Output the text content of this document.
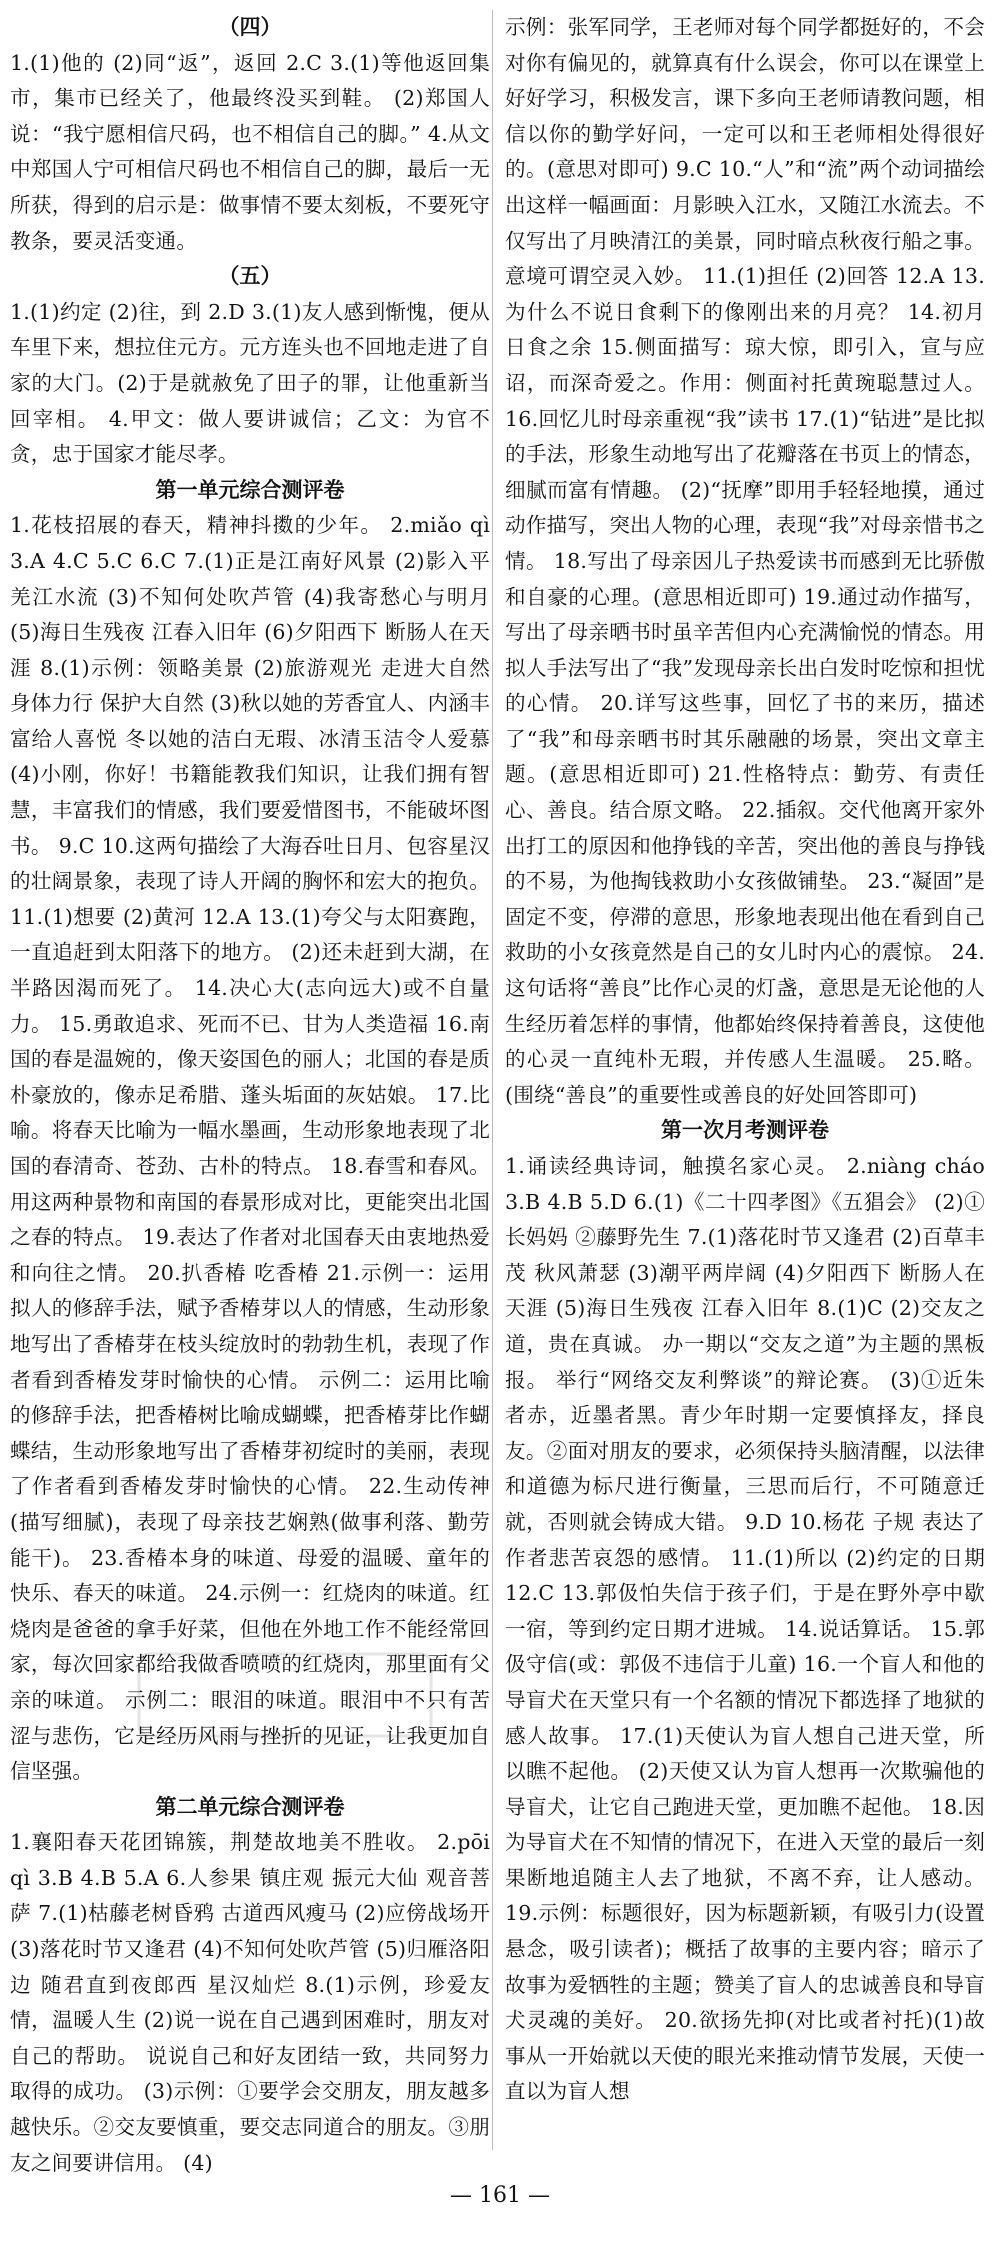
（四）

1.(1)他的 (2)同“返”，返回 2.C 3.(1)等他返回集市，集市已经关了，他最终没买到鞋。 (2)郑国人说：“我宁愿相信尺码，也不相信自己的脚。” 4.从文中郑国人宁可相信尺码也不相信自己的脚，最后一无所获，得到的启示是：做事情不要太刻板，不要死守教条，要灵活变通。

（五）

1.(1)约定 (2)往，到 2.D 3.(1)友人感到惭愧，便从车里下来，想拉住元方。元方连头也不回地走进了自家的大门。(2)于是就赦免了田子的罪，让他重新当回宰相。 4.甲文：做人要讲诚信；乙文：为官不贪，忠于国家才能尽孝。

第一单元综合测评卷

1.花枝招展的春天，精神抖擞的少年。 2.miǎo qì 3.A 4.C 5.C 6.C 7.(1)正是江南好风景 (2)影入平羌江水流 (3)不知何处吹芦管 (4)我寄愁心与明月 (5)海日生残夜 江春入旧年 (6)夕阳西下 断肠人在天涯 8.(1)示例：领略美景 (2)旅游观光 走进大自然 身体力行 保护大自然 (3)秋以她的芳香宜人、内涵丰富给人喜悦 冬以她的洁白无瑕、冰清玉洁令人爱慕 (4)小刚，你好！书籍能教我们知识，让我们拥有智慧，丰富我们的情感，我们要爱惜图书，不能破坏图书。 9.C 10.这两句描绘了大海吞吐日月、包容星汉的壮阔景象，表现了诗人开阔的胸怀和宏大的抱负。 11.(1)想要 (2)黄河 12.A 13.(1)夸父与太阳赛跑，一直追赶到太阳落下的地方。 (2)还未赶到大湖，在半路因渴而死了。 14.决心大(志向远大)或不自量力。 15.勇敢追求、死而不已、甘为人类造福 16.南国的春是温婉的，像天姿国色的丽人；北国的春是质朴豪放的，像赤足希腊、蓬头垢面的灰姑娘。 17.比喻。将春天比喻为一幅水墨画，生动形象地表现了北国的春清奇、苍劲、古朴的特点。 18.春雪和春风。用这两种景物和南国的春景形成对比，更能突出北国之春的特点。 19.表达了作者对北国春天由衷地热爱和向往之情。 20.扒香椿 吃香椿 21.示例一：运用拟人的修辞手法，赋予香椿芽以人的情感，生动形象地写出了香椿芽在枝头绽放时的勃勃生机，表现了作者看到香椿发芽时愉快的心情。 示例二：运用比喻的修辞手法，把香椿树比喻成蝴蝶，把香椿芽比作蝴蝶结，生动形象地写出了香椿芽初绽时的美丽，表现了作者看到香椿发芽时愉快的心情。 22.生动传神(描写细腻)，表现了母亲技艺娴熟(做事利落、勤劳能干)。 23.香椿本身的味道、母爱的温暖、童年的快乐、春天的味道。 24.示例一：红烧肉的味道。红烧肉是爸爸的拿手好菜，但他在外地工作不能经常回家，每次回家都给我做香喷喷的红烧肉，那里面有父亲的味道。 示例二：眼泪的味道。眼泪中不只有苦涩与悲伤，它是经历风雨与挫折的见证，让我更加自信坚强。

第二单元综合测评卷

1.襄阳春天花团锦簇，荆楚故地美不胜收。 2.pōi qì 3.B 4.B 5.A 6.人参果 镇庄观 振元大仙 观音菩萨 7.(1)枯藤老树昏鸦 古道西风瘦马 (2)应傍战场开 (3)落花时节又逢君 (4)不知何处吹芦管 (5)归雁洛阳边 随君直到夜郎西 星汉灿烂 8.(1)示例，珍爱友情，温暖人生 (2)说一说在自己遇到困难时，朋友对自己的帮助。 说说自己和好友团结一致，共同努力取得的成功。 (3)示例：①要学会交朋友，朋友越多越快乐。②交友要慎重，要交志同道合的朋友。③朋友之间要讲信用。 (4)

示例：张军同学，王老师对每个同学都挺好的，不会对你有偏见的，就算真有什么误会，你可以在课堂上好好学习，积极发言，课下多向王老师请教问题，相信以你的勤学好问，一定可以和王老师相处得很好的。(意思对即可) 9.C 10.“人”和“流”两个动词描绘出这样一幅画面：月影映入江水，又随江水流去。不仅写出了月映清江的美景，同时暗点秋夜行船之事。意境可谓空灵入妙。 11.(1)担任 (2)回答 12.A 13.为什么不说日食剩下的像刚出来的月亮？ 14.初月 日食之余 15.侧面描写：琼大惊，即引入，宣与应诏，而深奇爱之。作用：侧面衬托黄琬聪慧过人。 16.回忆儿时母亲重视“我”读书 17.(1)“钻进”是比拟的手法，形象生动地写出了花瓣落在书页上的情态，细腻而富有情趣。 (2)“抚摩”即用手轻轻地摸，通过动作描写，突出人物的心理，表现“我”对母亲惜书之情。 18.写出了母亲因儿子热爱读书而感到无比骄傲和自豪的心理。(意思相近即可) 19.通过动作描写，写出了母亲晒书时虽辛苦但内心充满愉悦的情态。用拟人手法写出了“我”发现母亲长出白发时吃惊和担忧的心情。 20.详写这些事，回忆了书的来历，描述了“我”和母亲晒书时其乐融融的场景，突出文章主题。(意思相近即可) 21.性格特点：勤劳、有责任心、善良。结合原文略。 22.插叙。交代他离开家外出打工的原因和他挣钱的辛苦，突出他的善良与挣钱的不易，为他掏钱救助小女孩做铺垫。 23.“凝固”是固定不变，停滞的意思，形象地表现出他在看到自己救助的小女孩竟然是自己的女儿时内心的震惊。 24.这句话将“善良”比作心灵的灯盏，意思是无论他的人生经历着怎样的事情，他都始终保持着善良，这使他的心灵一直纯朴无瑕，并传感人生温暖。 25.略。(围绕“善良”的重要性或善良的好处回答即可)

第一次月考测评卷

1.诵读经典诗词，触摸名家心灵。 2.niàng cháo 3.B 4.B 5.D 6.(1)《二十四孝图》《五猖会》 (2)①长妈妈 ②藤野先生 7.(1)落花时节又逢君 (2)百草丰茂 秋风萧瑟 (3)潮平两岸阔 (4)夕阳西下 断肠人在天涯 (5)海日生残夜 江春入旧年 8.(1)C (2)交友之道，贵在真诚。 办一期以“交友之道”为主题的黑板报。 举行“网络交友利弊谈”的辩论赛。 (3)①近朱者赤，近墨者黑。青少年时期一定要慎择友，择良友。②面对朋友的要求，必须保持头脑清醒，以法律和道德为标尺进行衡量，三思而后行，不可随意迁就，否则就会铸成大错。 9.D 10.杨花 子规 表达了作者悲苦哀怨的感情。 11.(1)所以 (2)约定的日期 12.C 13.郭伋怕失信于孩子们，于是在野外亭中歇一宿，等到约定日期才进城。 14.说话算话。 15.郭伋守信(或：郭伋不违信于儿童) 16.一个盲人和他的导盲犬在天堂只有一个名额的情况下都选择了地狱的感人故事。 17.(1)天使认为盲人想自己进天堂，所以瞧不起他。 (2)天使又认为盲人想再一次欺骗他的导盲犬，让它自己跑进天堂，更加瞧不起他。 18.因为导盲犬在不知情的情况下，在进入天堂的最后一刻果断地追随主人去了地狱，不离不弃，让人感动。 19.示例：标题很好，因为标题新颖，有吸引力(设置悬念，吸引读者)；概括了故事的主要内容；暗示了故事为爱牺牲的主题；赞美了盲人的忠诚善良和导盲犬灵魂的美好。 20.欲扬先抑(对比或者衬托)(1)故事从一开始就以天使的眼光来推动情节发展，天使一直以为盲人想

— 161 —
